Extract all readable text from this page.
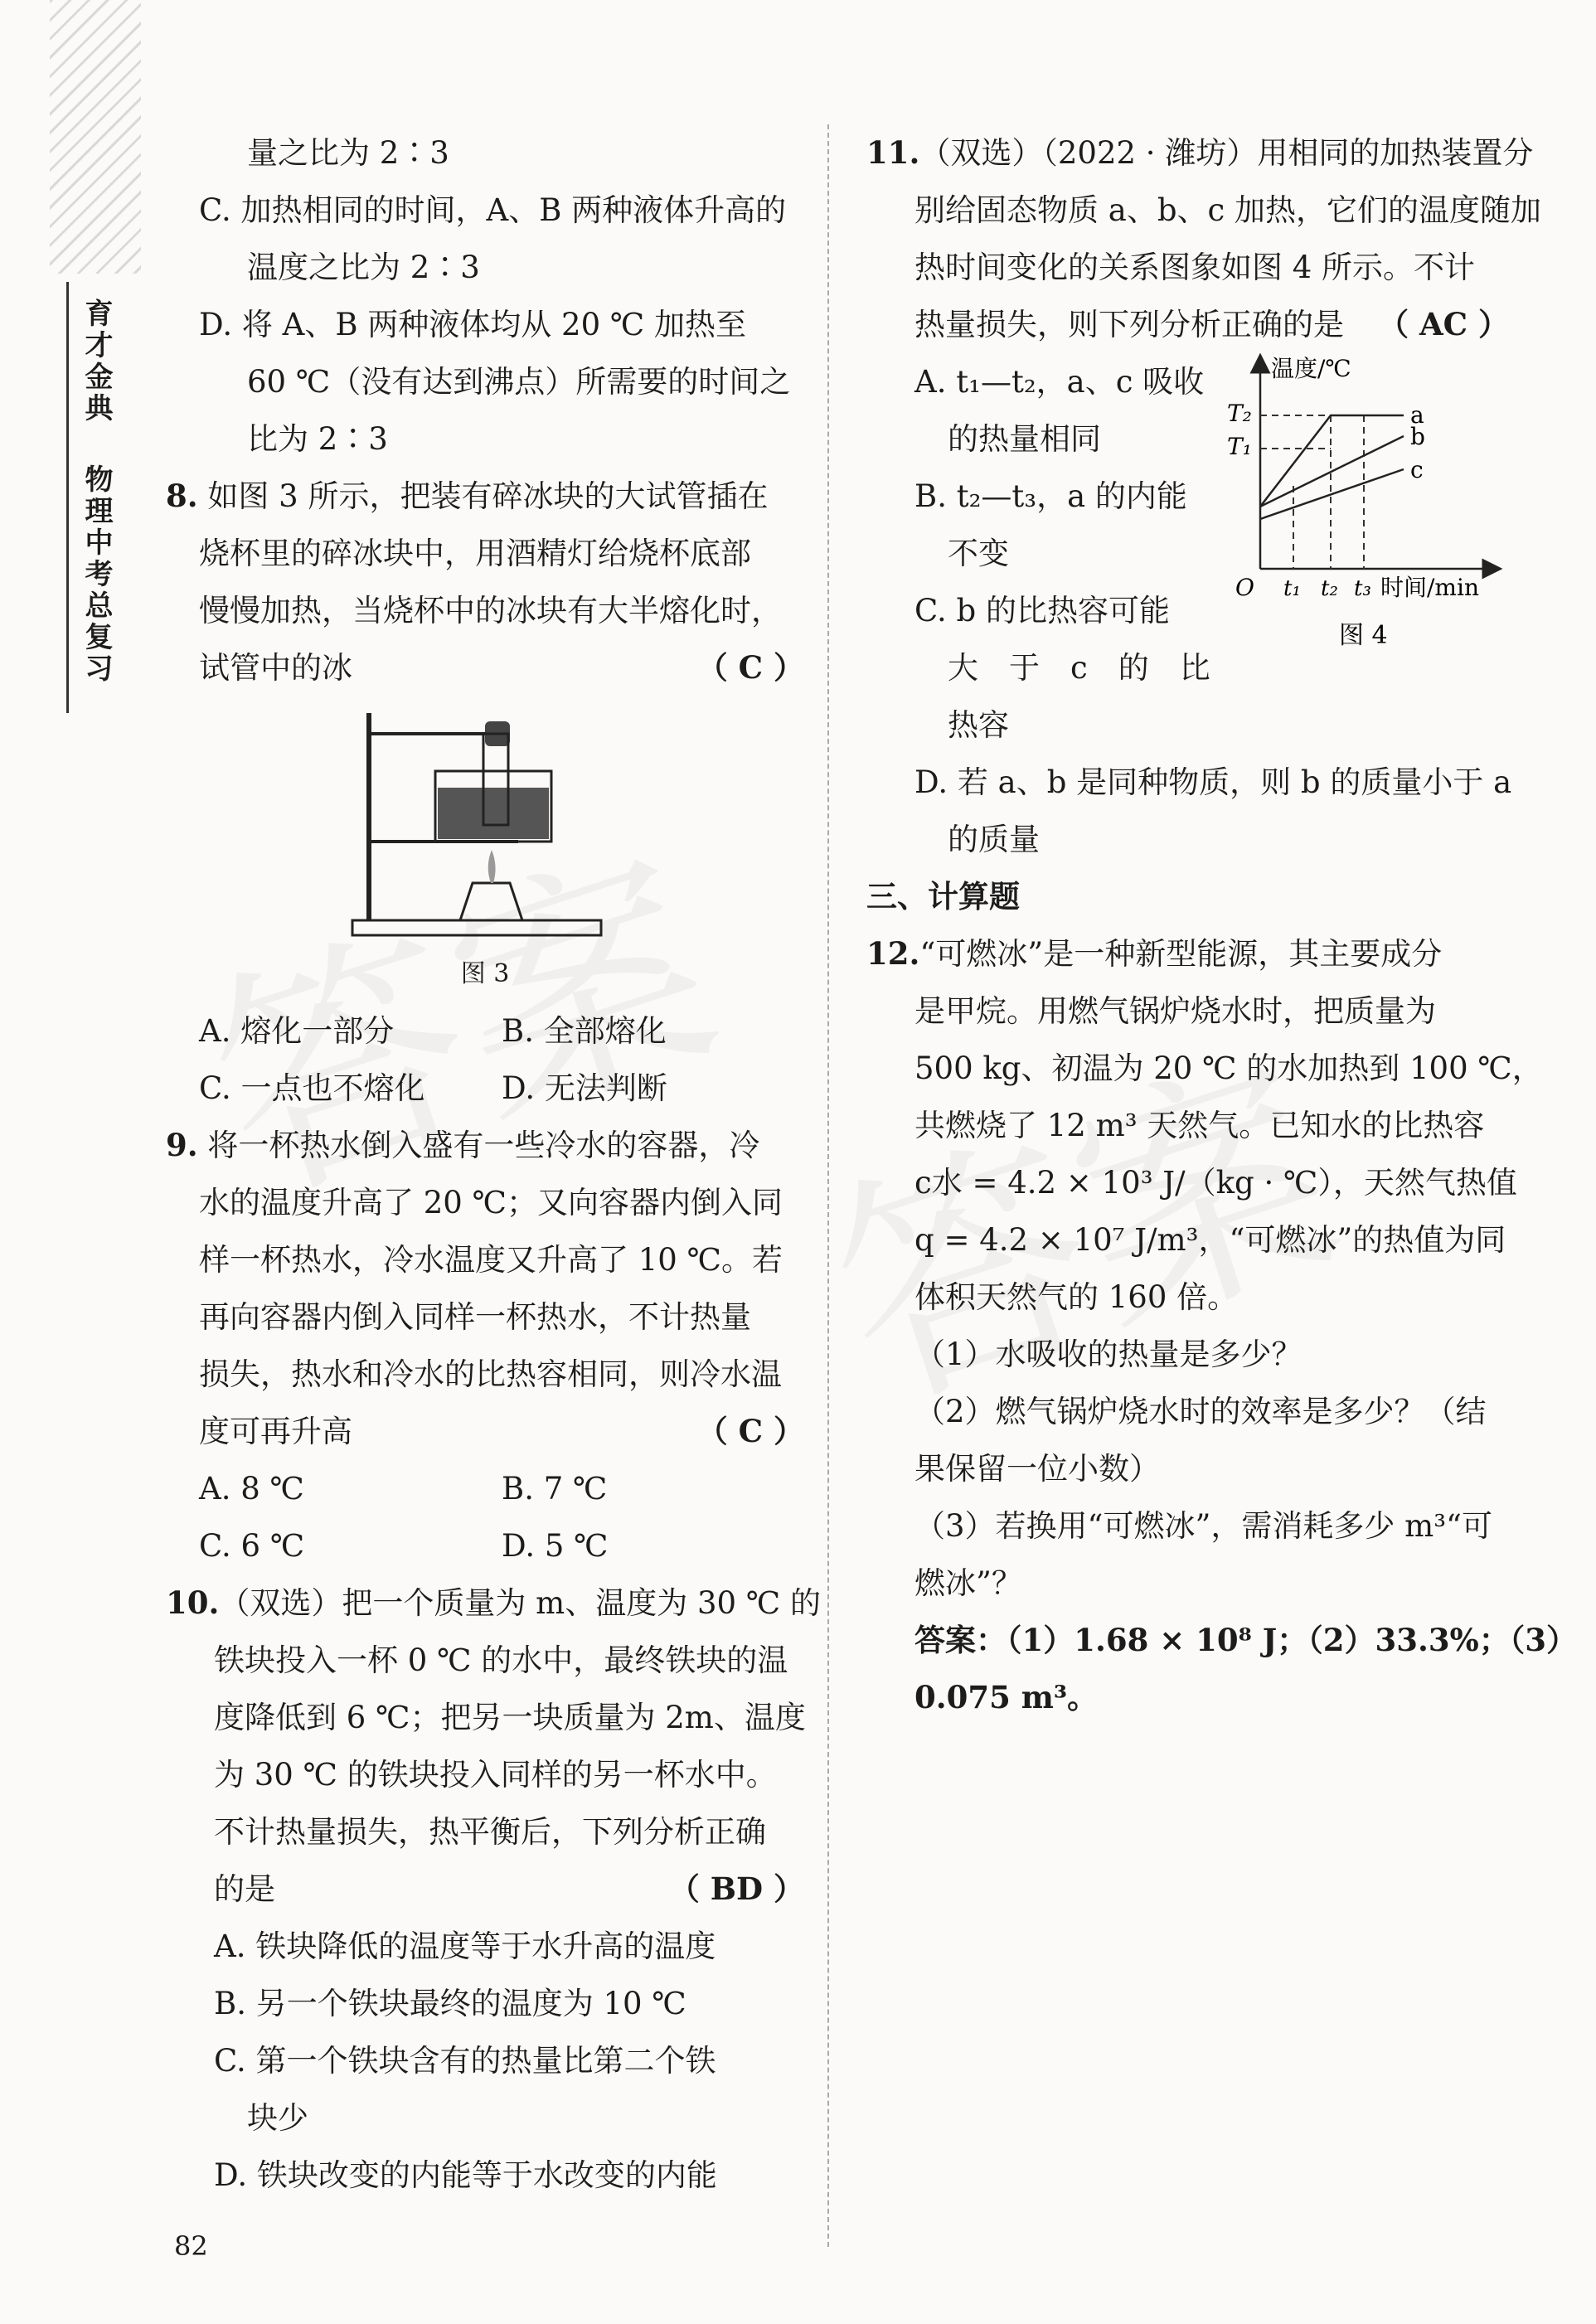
育才金典
物理中考总复习
量之比为 2∶3
C. 加热相同的时间，A、B 两种液体升高的
温度之比为 2∶3
D. 将 A、B 两种液体均从 20 ℃ 加热至
60 ℃（没有达到沸点）所需要的时间之
比为 2∶3
8. 如图 3 所示，把装有碎冰块的大试管插在
烧杯里的碎冰块中，用酒精灯给烧杯底部
慢慢加热，当烧杯中的冰块有大半熔化时，
试管中的冰	（ C ）
图 3
A. 熔化一部分	B. 全部熔化
C. 一点也不熔化	D. 无法判断
9. 将一杯热水倒入盛有一些冷水的容器，冷
水的温度升高了 20 ℃；又向容器内倒入同
样一杯热水，冷水温度又升高了 10 ℃。若
再向容器内倒入同样一杯热水，不计热量
损失，热水和冷水的比热容相同，则冷水温
度可再升高	（ C ）
A. 8 ℃	B. 7 ℃
C. 6 ℃	D. 5 ℃
10.（双选）把一个质量为 m、温度为 30 ℃ 的
铁块投入一杯 0 ℃ 的水中，最终铁块的温
度降低到 6 ℃；把另一块质量为 2m、温度
为 30 ℃ 的铁块投入同样的另一杯水中。
不计热量损失，热平衡后，下列分析正确
的是	（ BD ）
A. 铁块降低的温度等于水升高的温度
B. 另一个铁块最终的温度为 10 ℃
C. 第一个铁块含有的热量比第二个铁
块少
D. 铁块改变的内能等于水改变的内能
11.（双选）（2022 · 潍坊）用相同的加热装置分
别给固态物质 a、b、c 加热，它们的温度随加
热时间变化的关系图象如图 4 所示。不计
热量损失，则下列分析正确的是 （ AC ）
A. t₁—t₂，a、c 吸收
的热量相同
B. t₂—t₃，a 的内能
不变
C. b 的比热容可能
大　于　c　的　比
热容
温度/℃
T₂
T₁
O t₁ t₂ t₃ 时间/min
a
b
c
图 4
D. 若 a、b 是同种物质，则 b 的质量小于 a
的质量
三、计算题
12.“可燃冰”是一种新型能源，其主要成分
是甲烷。用燃气锅炉烧水时，把质量为
500 kg、初温为 20 ℃ 的水加热到 100 ℃，
共燃烧了 12 m³ 天然气。已知水的比热容
c水 = 4.2 × 10³ J/（kg · ℃），天然气热值
q = 4.2 × 10⁷ J/m³，“可燃冰”的热值为同
体积天然气的 160 倍。
（1）水吸收的热量是多少？
（2）燃气锅炉烧水时的效率是多少？（结
果保留一位小数）
（3）若换用“可燃冰”，需消耗多少 m³“可
燃冰”？
答案：（1）1.68 × 10⁸ J；（2）33.3%；（3）
0.075 m³。
82
